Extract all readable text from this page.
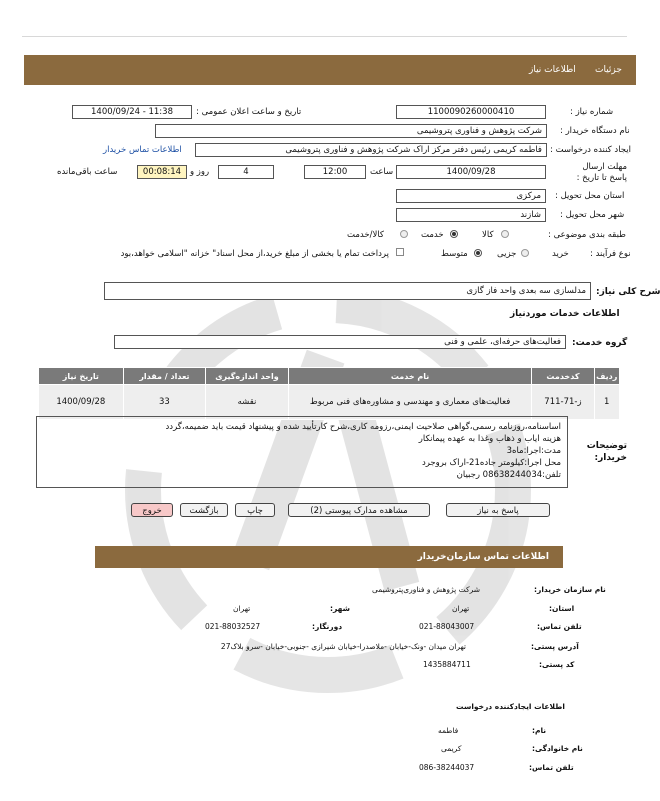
جزئیات
اطلاعات نیاز
شماره نیاز :
1100090260000410
تاریخ و ساعت اعلان عمومی :
1400/09/24 - 11:38
نام دستگاه خریدار :
شرکت پژوهش و فناوری پتروشیمی
ایجاد کننده درخواست :
فاطمه کریمی رئیس دفتر مرکز اراک شرکت پژوهش و فناوری پتروشیمی
اطلاعات تماس خریدار
مهلت ارسال پاسخ تا تاریخ :
1400/09/28
ساعت
12:00
4
روز و
00:08:14
ساعت باقی‌مانده
استان محل تحویل :
مرکزی
شهر محل تحویل :
شازند
طبقه بندی موضوعی :
کالا
خدمت
کالا/خدمت
نوع فرآیند :
خرید
جزیی
متوسط
پرداخت تمام یا بخشی از مبلغ خرید،از محل اسناد" خزانه "اسلامی خواهد،بود
شرح کلی نیاز:
مدلسازی سه بعدی واحد فاز گازی
اطلاعات خدمات موردنیاز
گروه خدمت:
فعالیت‌های حرفه‌ای، علمی و فنی
ردیف	کدخدمت	نام خدمت	واحد اندازه‌گیری	تعداد / مقدار	تاریخ نیاز
1	ز-71-711	فعالیت‌های معماری و مهندسی و مشاوره‌های فنی مربوط	نقشه	33	1400/09/28
توضیحات خریدار:
اساسنامه،روزنامه رسمی،گواهی صلاحیت ایمنی،رزومه کاری،شرح کارتأیید شده و پیشنهاد قیمت باید ضمیمه،گردد
هزینه ایاب و ذهاب وغذا به عهده پیمانکار
مدت:اجرا:ماه3
محل اجرا:کیلومتر جاده21-اراک بروجرد
تلفن:08638244034 رجبیان
پاسخ به نیاز
مشاهده مدارک پیوستی (2)
چاپ
بازگشت
خروج
اطلاعات تماس سازمان‌خریدار
نام سازمان خریدار:
شرکت پژوهش و فناوری‌پتروشیمی
استان:
تهران
شهر:
تهران
تلفن تماس:
021-88043007
دورنگار:
021-88032527
آدرس پستی:
تهران میدان -ونک-خیابان -ملاصدرا-خیابان شیرازی -جنوبی-خیابان -سرو بلاک27
کد پستی:
1435884711
اطلاعات ایجادکننده درخواست
نام:
فاطمه
نام خانوادگی:
کریمی
تلفن تماس:
086-38244037
